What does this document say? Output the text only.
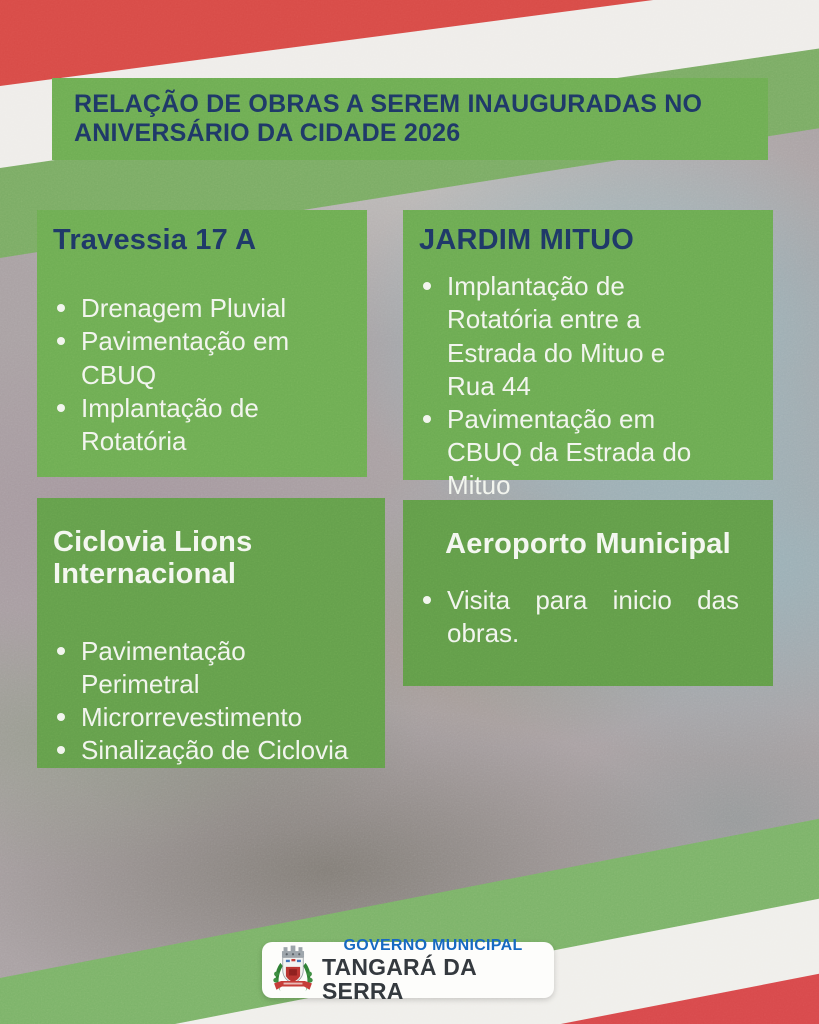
RELAÇÃO DE OBRAS A SEREM INAUGURADAS NO ANIVERSÁRIO DA CIDADE 2026
Travessia 17 A
Drenagem Pluvial
Pavimentação em CBUQ
Implantação de Rotatória
JARDIM MITUO
Implantação de Rotatória entre a Estrada do Mituo e Rua 44
Pavimentação em CBUQ da Estrada do Mituo
Ciclovia Lions Internacional
Pavimentação Perimetral
Microrrevestimento
Sinalização de Ciclovia
Aeroporto Municipal
Visita para inicio das obras.
GOVERNO MUNICIPAL
TANGARÁ DA SERRA
